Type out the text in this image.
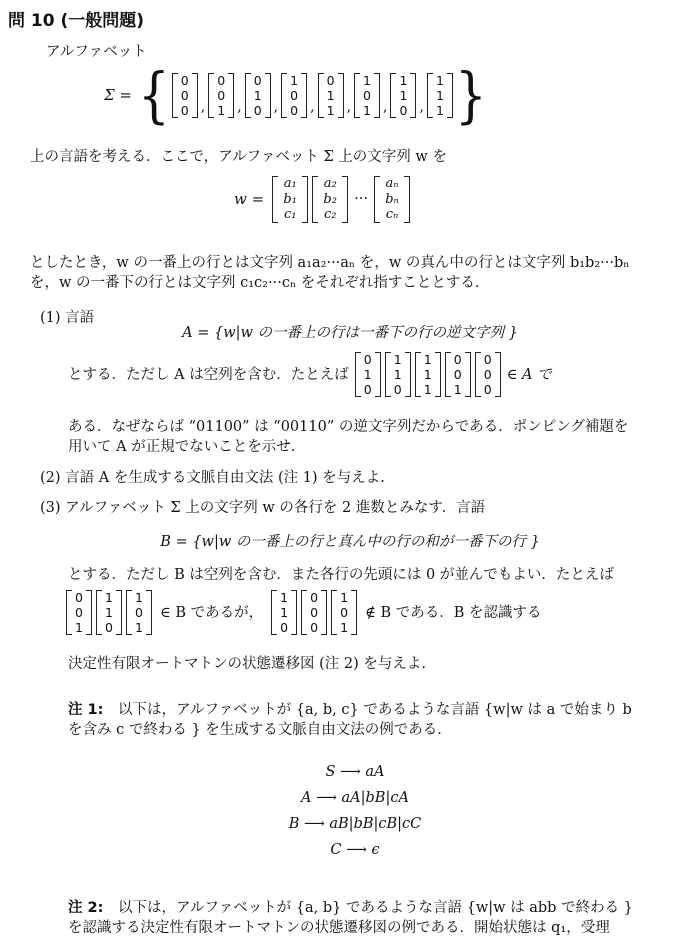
問 10 (一般問題)
アルファベット
Σ = { 0
0
0 ,
0
0
1 ,
0
1
0 ,
1
0
0 ,
0
1
1 ,
1
0
1 ,
1
1
0 ,
1
1
1 }
上の言語を考える．ここで，アルファベット Σ 上の文字列 w を
w =
a₁
b₁
c₁
a₂
b₂
c₂
···
aₙ
bₙ
cₙ
としたとき，w の一番上の行とは文字列 a₁a₂···aₙ を，w の真ん中の行とは文字列 b₁b₂···bₙ
を，w の一番下の行とは文字列 c₁c₂···cₙ をそれぞれ指すこととする．
(1) 言語
A = {w|w の一番上の行は一番下の行の逆文字列 }
とする．ただし A は空列を含む．たとえば
0
1
0
1
1
0
1
1
1
0
0
1
0
0
0
∈ A で
ある．なぜならば “01100” は “00110” の逆文字列だからである．ポンピング補題を
用いて A が正規でないことを示せ.
(2) 言語 A を生成する文脈自由文法 (注 1) を与えよ.
(3) アルファベット Σ 上の文字列 w の各行を 2 進数とみなす．言語
B = {w|w の一番上の行と真ん中の行の和が一番下の行 }
とする．ただし B は空列を含む．また各行の先頭には 0 が並んでもよい．たとえば
0
0
1
1
1
0
1
0
1
∈ B であるが，
1
1
0
0
0
0
1
0
1
∉ B である．B を認識する
決定性有限オートマトンの状態遷移図 (注 2) を与えよ.
注 1: 以下は，アルファベットが {a, b, c} であるような言語 {w|w は a で始まり b
を含み c で終わる } を生成する文脈自由文法の例である．
S ⟶ aA
A ⟶ aA|bB|cA
B ⟶ aB|bB|cB|cC
C ⟶ ϵ
注 2: 以下は，アルファベットが {a, b} であるような言語 {w|w は abb で終わる }
を認識する決定性有限オートマトンの状態遷移図の例である．開始状態は q₁，受理
